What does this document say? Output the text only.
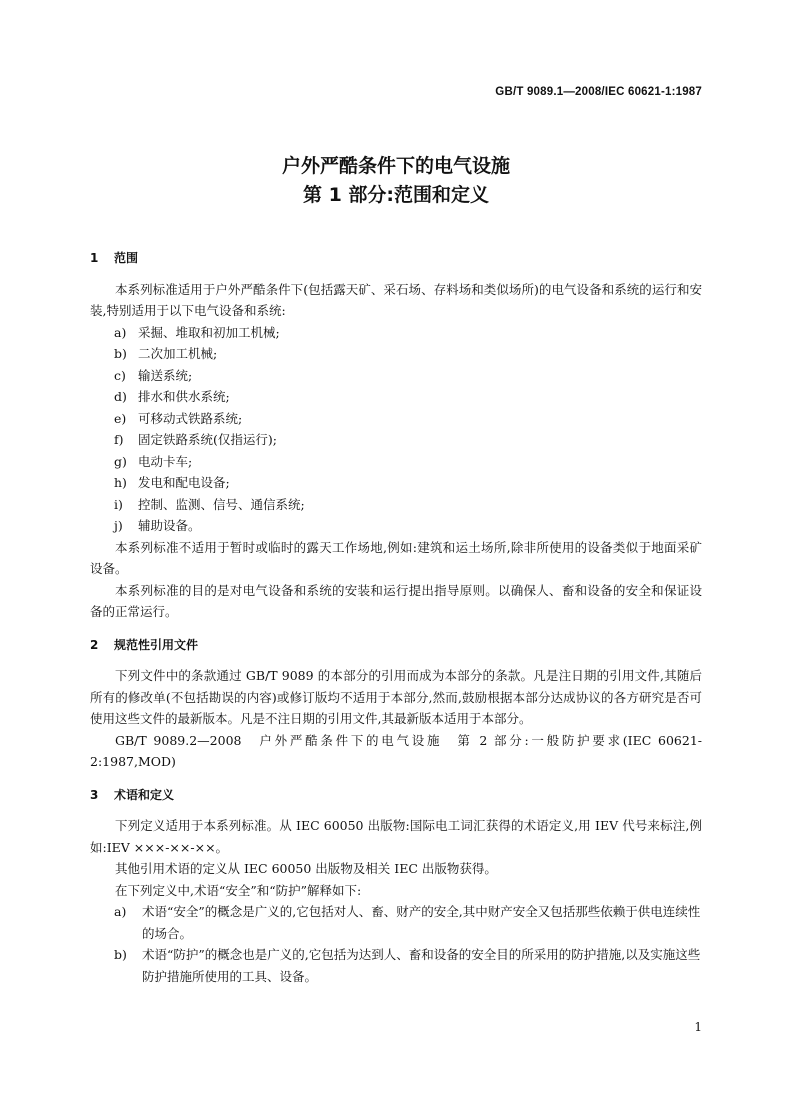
GB/T 9089.1—2008/IEC 60621-1:1987
户外严酷条件下的电气设施
第 1 部分:范围和定义
1 范围

本系列标准适用于户外严酷条件下(包括露天矿、采石场、存料场和类似场所)的电气设备和系统的运行和安装,特别适用于以下电气设备和系统:

a) 采掘、堆取和初加工机械;
b) 二次加工机械;
c) 输送系统;
d) 排水和供水系统;
e) 可移动式铁路系统;
f) 固定铁路系统(仅指运行);
g) 电动卡车;
h) 发电和配电设备;
i) 控制、监测、信号、通信系统;
j) 辅助设备。

本系列标准不适用于暂时或临时的露天工作场地,例如:建筑和运土场所,除非所使用的设备类似于地面采矿设备。

本系列标准的目的是对电气设备和系统的安装和运行提出指导原则。以确保人、畜和设备的安全和保证设备的正常运行。

2 规范性引用文件

下列文件中的条款通过 GB/T 9089 的本部分的引用而成为本部分的条款。凡是注日期的引用文件,其随后所有的修改单(不包括勘误的内容)或修订版均不适用于本部分,然而,鼓励根据本部分达成协议的各方研究是否可使用这些文件的最新版本。凡是不注日期的引用文件,其最新版本适用于本部分。

GB/T 9089.2—2008　户外严酷条件下的电气设施　第 2 部分:一般防护要求(IEC 60621-2:1987,MOD)

3 术语和定义

下列定义适用于本系列标准。从 IEC 60050 出版物:国际电工词汇获得的术语定义,用 IEV 代号来标注,例如:IEV ×××-××-××。

其他引用术语的定义从 IEC 60050 出版物及相关 IEC 出版物获得。

在下列定义中,术语“安全”和“防护”解释如下:

a) 术语“安全”的概念是广义的,它包括对人、畜、财产的安全,其中财产安全又包括那些依赖于供电连续性的场合。
b) 术语“防护”的概念也是广义的,它包括为达到人、畜和设备的安全目的所采用的防护措施,以及实施这些防护措施所使用的工具、设备。
1
